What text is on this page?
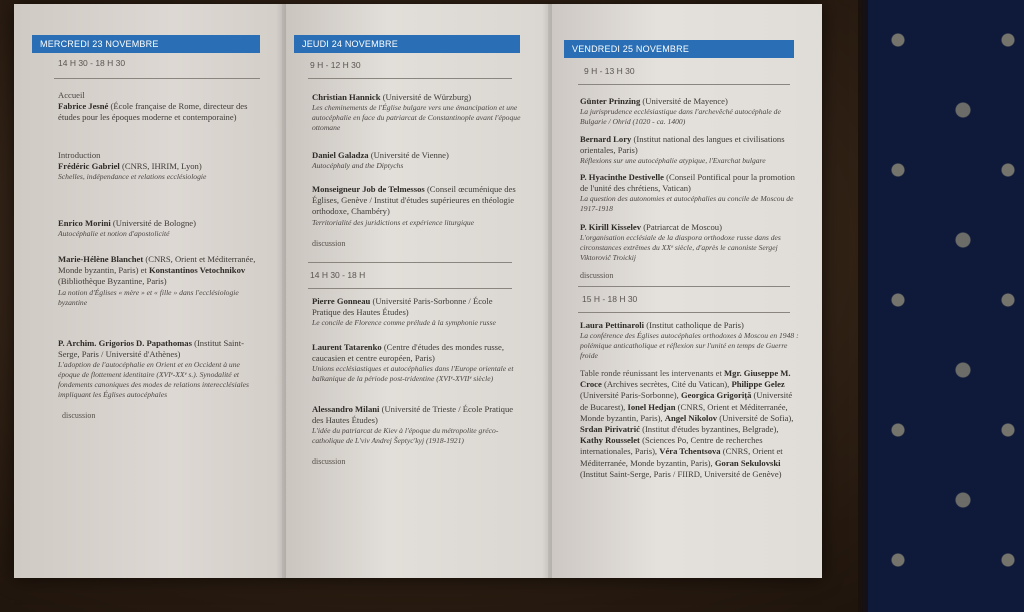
MERCREDI 23 NOVEMBRE
14 H 30 - 18 H 30
Accueil
Fabrice Jesné (École française de Rome, directeur des études pour les époques moderne et contemporaine)
Introduction
Frédéric Gabriel (CNRS, IHRIM, Lyon)
Schelles, indépendance et relations ecclésiologie
Enrico Morini (Université de Bologne)
Autocéphalie et notion d'apostolicité
Marie-Hélène Blanchet (CNRS, Orient et Méditerranée, Monde byzantin, Paris) et Konstantinos Vetochnikov (Bibliothèque Byzantine, Paris)
La notion d'Églises « mère » et « fille » dans l'ecclésiologie byzantine
P. Archim. Grigorios D. Papathomas (Institut Saint-Serge, Paris / Université d'Athènes)
L'adoption de l'autocéphalie en Orient et en Occident à une époque de flottement identitaire (XVIᵉ-XXᵉ s.). Synodalité et fondements canoniques des modes de relations interecclésiales impliquant les Églises autocéphales
discussion
JEUDI 24 NOVEMBRE
9 H - 12 H 30
Christian Hannick (Université de Würzburg)
Les cheminements de l'Église bulgare vers une émancipation et une autocéphalie en face du patriarcat de Constantinople avant l'époque ottomane
Daniel Galadza (Université de Vienne)
Autocéphaly and the Diptychs
Monseigneur Job de Telmessos (Conseil œcuménique des Églises, Genève / Institut d'études supérieures en théologie orthodoxe, Chambéry)
Territorialité des juridictions et expérience liturgique
discussion
14 H 30 - 18 H
Pierre Gonneau (Université Paris-Sorbonne / École Pratique des Hautes Études)
Le concile de Florence comme prélude à la symphonie russe
Laurent Tatarenko (Centre d'études des mondes russe, caucasien et centre européen, Paris)
Unions ecclésiastiques et autocéphalies dans l'Europe orientale et balkanique de la période post-tridentine (XVIᵉ-XVIIᵉ siècle)
Alessandro Milani (Université de Trieste / École Pratique des Hautes Études)
L'idée du patriarcat de Kiev à l'époque du métropolite gréco-catholique de L'viv Andrej Šeptyc'kyj (1918-1921)
discussion
VENDREDI 25 NOVEMBRE
9 H - 13 H 30
Günter Prinzing (Université de Mayence)
La jurisprudence ecclésiastique dans l'archevêché autocéphale de Bulgarie / Ohrid (1020 - ca. 1400)
Bernard Lory (Institut national des langues et civilisations orientales, Paris)
Réflexions sur une autocéphalie atypique, l'Exarchat bulgare
P. Hyacinthe Destivelle (Conseil Pontifical pour la promotion de l'unité des chrétiens, Vatican)
La question des autonomies et autocéphalies au concile de Moscou de 1917-1918
P. Kirill Kisselev (Patriarcat de Moscou)
L'organisation ecclésiale de la diaspora orthodoxe russe dans des circonstances extrêmes du XXᵉ siècle, d'après le canoniste Sergej Viktorovič Troickij
discussion
15 H - 18 H 30
Laura Pettinaroli (Institut catholique de Paris)
La conférence des Églises autocéphales orthodoxes à Moscou en 1948 : polémique anticatholique et réflexion sur l'unité en temps de Guerre froide
Table ronde réunissant les intervenants et Mgr. Giuseppe M. Croce (Archives secrètes, Cité du Vatican), Philippe Gelez (Université Paris-Sorbonne), Georgica Grigoriță (Université de Bucarest), Ionel Hedjan (CNRS, Orient et Méditerranée, Monde byzantin, Paris), Angel Nikolov (Université de Sofia), Srdan Pirivatrić (Institut d'études byzantines, Belgrade), Kathy Rousselet (Sciences Po, Centre de recherches internationales, Paris), Véra Tchentsova (CNRS, Orient et Méditerranée, Monde byzantin, Paris), Goran Sekulovski (Institut Saint-Serge, Paris / FIIRD, Université de Genève)
